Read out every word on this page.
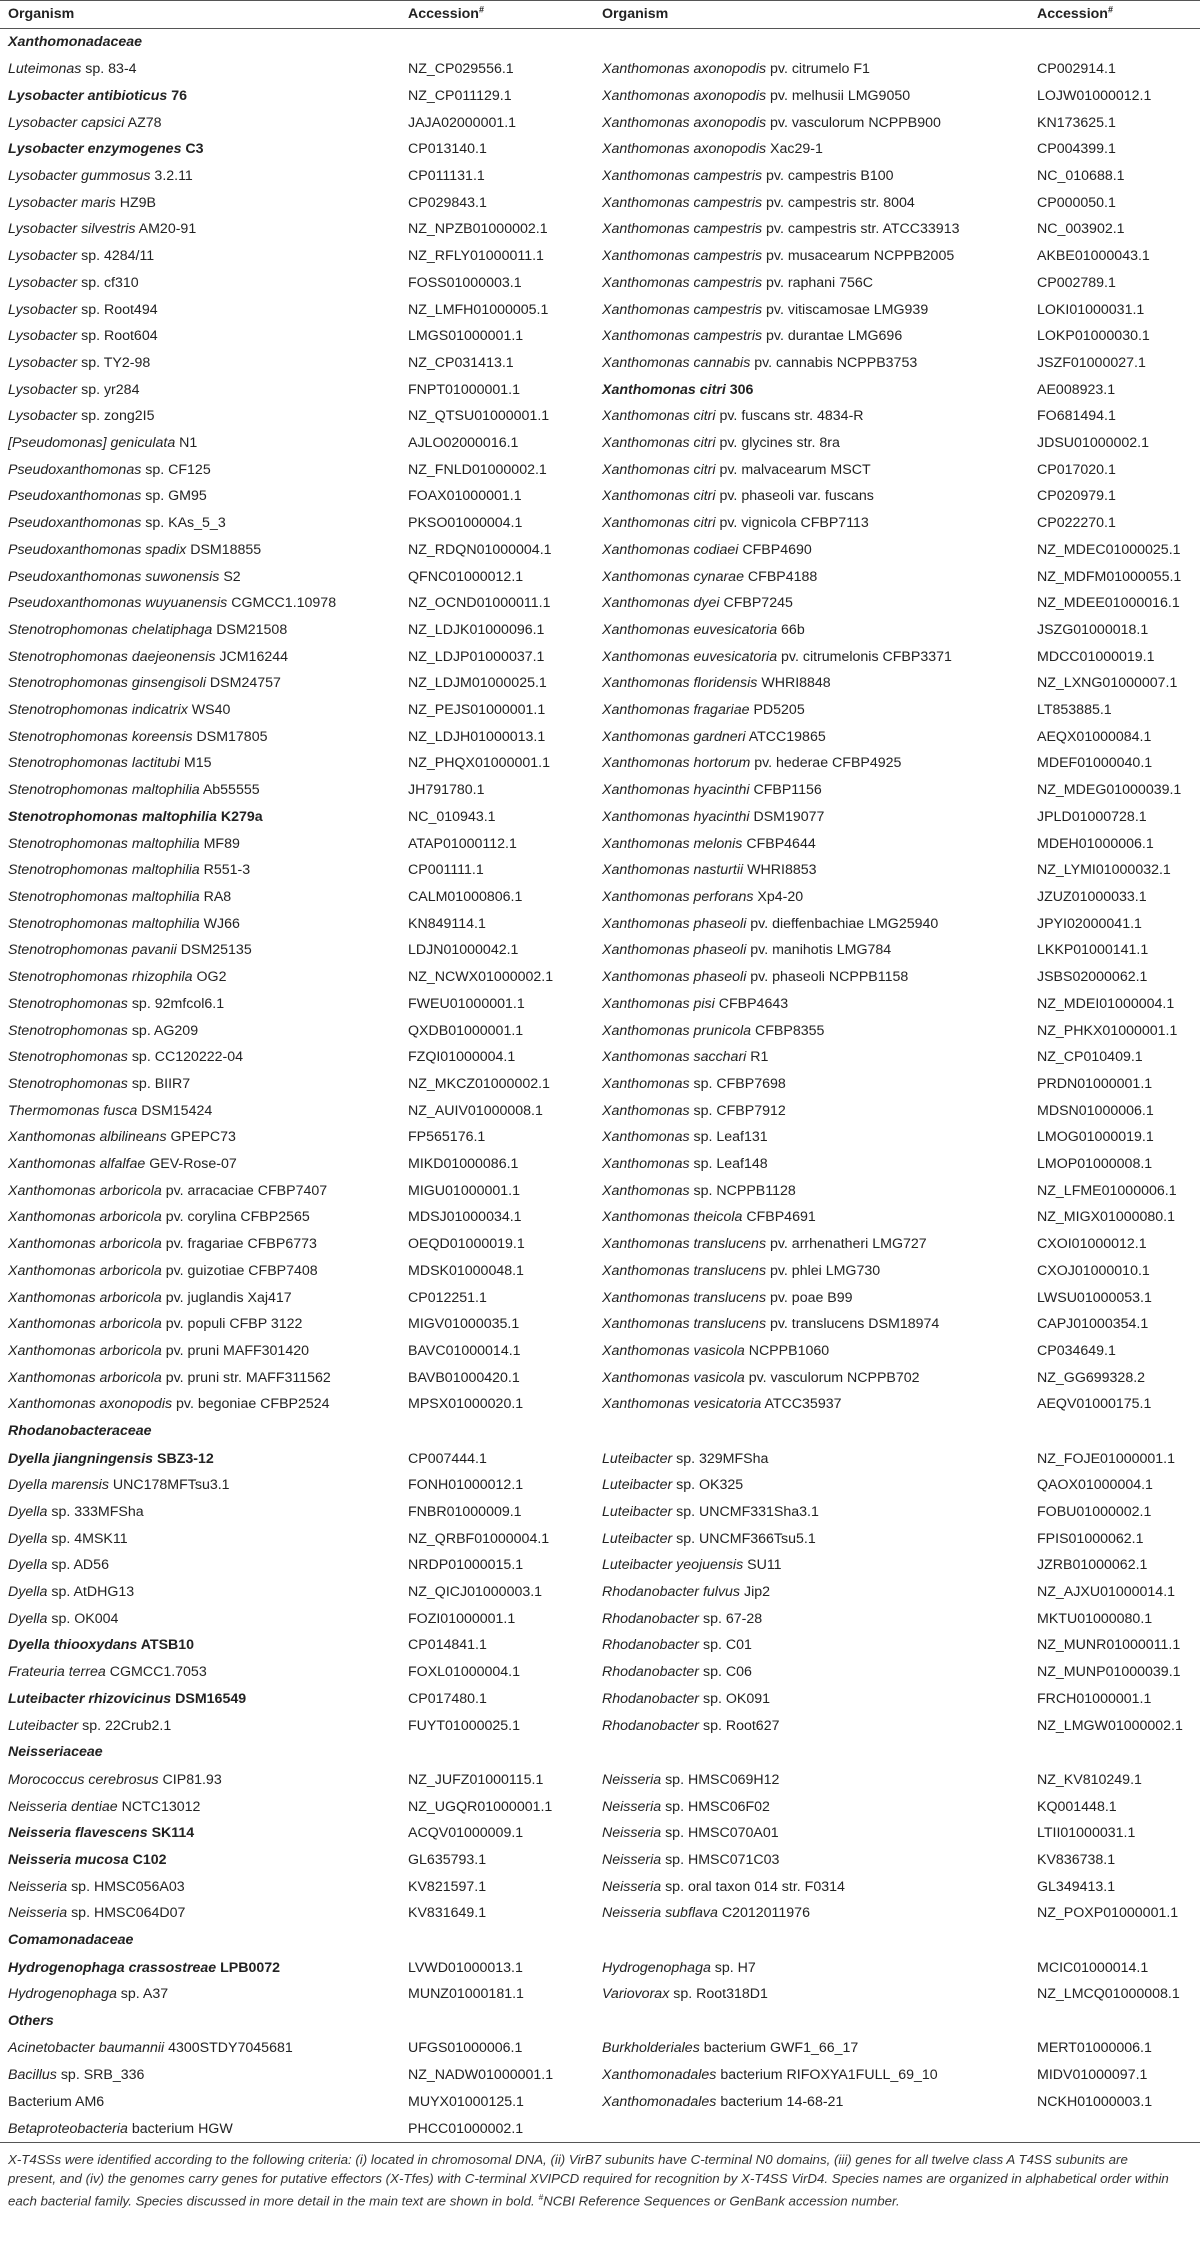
Organism	Accession#	Organism	Accession#
Xanthomonadaceae			
Luteimonas sp. 83-4	NZ_CP029556.1	Xanthomonas axonopodis pv. citrumelo F1	CP002914.1
Lysobacter antibioticus 76	NZ_CP011129.1	Xanthomonas axonopodis pv. melhusii LMG9050	LOJW01000012.1
Lysobacter capsici AZ78	JAJA02000001.1	Xanthomonas axonopodis pv. vasculorum NCPPB900	KN173625.1
Lysobacter enzymogenes C3	CP013140.1	Xanthomonas axonopodis Xac29-1	CP004399.1
Lysobacter gummosus 3.2.11	CP011131.1	Xanthomonas campestris pv. campestris B100	NC_010688.1
Lysobacter maris HZ9B	CP029843.1	Xanthomonas campestris pv. campestris str. 8004	CP000050.1
Lysobacter silvestris AM20-91	NZ_NPZB01000002.1	Xanthomonas campestris pv. campestris str. ATCC33913	NC_003902.1
Lysobacter sp. 4284/11	NZ_RFLY01000011.1	Xanthomonas campestris pv. musacearum NCPPB2005	AKBE01000043.1
Lysobacter sp. cf310	FOSS01000003.1	Xanthomonas campestris pv. raphani 756C	CP002789.1
Lysobacter sp. Root494	NZ_LMFH01000005.1	Xanthomonas campestris pv. vitiscamosae LMG939	LOKI01000031.1
Lysobacter sp. Root604	LMGS01000001.1	Xanthomonas campestris pv. durantae LMG696	LOKP01000030.1
Lysobacter sp. TY2-98	NZ_CP031413.1	Xanthomonas cannabis pv. cannabis NCPPB3753	JSZF01000027.1
Lysobacter sp. yr284	FNPT01000001.1	Xanthomonas citri 306	AE008923.1
Lysobacter sp. zong2I5	NZ_QTSU01000001.1	Xanthomonas citri pv. fuscans str. 4834-R	FO681494.1
[Pseudomonas] geniculata N1	AJLO02000016.1	Xanthomonas citri pv. glycines str. 8ra	JDSU01000002.1
Pseudoxanthomonas sp. CF125	NZ_FNLD01000002.1	Xanthomonas citri pv. malvacearum MSCT	CP017020.1
Pseudoxanthomonas sp. GM95	FOAX01000001.1	Xanthomonas citri pv. phaseoli var. fuscans	CP020979.1
Pseudoxanthomonas sp. KAs_5_3	PKSO01000004.1	Xanthomonas citri pv. vignicola CFBP7113	CP022270.1
Pseudoxanthomonas spadix DSM18855	NZ_RDQN01000004.1	Xanthomonas codiaei CFBP4690	NZ_MDEC01000025.1
Pseudoxanthomonas suwonensis S2	QFNC01000012.1	Xanthomonas cynarae CFBP4188	NZ_MDFM01000055.1
Pseudoxanthomonas wuyuanensis CGMCC1.10978	NZ_OCND01000011.1	Xanthomonas dyei CFBP7245	NZ_MDEE01000016.1
Stenotrophomonas chelatiphaga DSM21508	NZ_LDJK01000096.1	Xanthomonas euvesicatoria 66b	JSZG01000018.1
Stenotrophomonas daejeonensis JCM16244	NZ_LDJP01000037.1	Xanthomonas euvesicatoria pv. citrumelonis CFBP3371	MDCC01000019.1
Stenotrophomonas ginsengisoli DSM24757	NZ_LDJM01000025.1	Xanthomonas floridensis WHRI8848	NZ_LXNG01000007.1
Stenotrophomonas indicatrix WS40	NZ_PEJS01000001.1	Xanthomonas fragariae PD5205	LT853885.1
Stenotrophomonas koreensis DSM17805	NZ_LDJH01000013.1	Xanthomonas gardneri ATCC19865	AEQX01000084.1
Stenotrophomonas lactitubi M15	NZ_PHQX01000001.1	Xanthomonas hortorum pv. hederae CFBP4925	MDEF01000040.1
Stenotrophomonas maltophilia Ab55555	JH791780.1	Xanthomonas hyacinthi CFBP1156	NZ_MDEG01000039.1
Stenotrophomonas maltophilia K279a	NC_010943.1	Xanthomonas hyacinthi DSM19077	JPLD01000728.1
Stenotrophomonas maltophilia MF89	ATAP01000112.1	Xanthomonas melonis CFBP4644	MDEH01000006.1
Stenotrophomonas maltophilia R551-3	CP001111.1	Xanthomonas nasturtii WHRI8853	NZ_LYMI01000032.1
Stenotrophomonas maltophilia RA8	CALM01000806.1	Xanthomonas perforans Xp4-20	JZUZ01000033.1
Stenotrophomonas maltophilia WJ66	KN849114.1	Xanthomonas phaseoli pv. dieffenbachiae LMG25940	JPYI02000041.1
Stenotrophomonas pavanii DSM25135	LDJN01000042.1	Xanthomonas phaseoli pv. manihotis LMG784	LKKP01000141.1
Stenotrophomonas rhizophila OG2	NZ_NCWX01000002.1	Xanthomonas phaseoli pv. phaseoli NCPPB1158	JSBS02000062.1
Stenotrophomonas sp. 92mfcol6.1	FWEU01000001.1	Xanthomonas pisi CFBP4643	NZ_MDEI01000004.1
Stenotrophomonas sp. AG209	QXDB01000001.1	Xanthomonas prunicola CFBP8355	NZ_PHKX01000001.1
Stenotrophomonas sp. CC120222-04	FZQI01000004.1	Xanthomonas sacchari R1	NZ_CP010409.1
Stenotrophomonas sp. BIIR7	NZ_MKCZ01000002.1	Xanthomonas sp. CFBP7698	PRDN01000001.1
Thermomonas fusca DSM15424	NZ_AUIV01000008.1	Xanthomonas sp. CFBP7912	MDSN01000006.1
Xanthomonas albilineans GPEPC73	FP565176.1	Xanthomonas sp. Leaf131	LMOG01000019.1
Xanthomonas alfalfae GEV-Rose-07	MIKD01000086.1	Xanthomonas sp. Leaf148	LMOP01000008.1
Xanthomonas arboricola pv. arracaciae CFBP7407	MIGU01000001.1	Xanthomonas sp. NCPPB1128	NZ_LFME01000006.1
Xanthomonas arboricola pv. corylina CFBP2565	MDSJ01000034.1	Xanthomonas theicola CFBP4691	NZ_MIGX01000080.1
Xanthomonas arboricola pv. fragariae CFBP6773	OEQD01000019.1	Xanthomonas translucens pv. arrhenatheri LMG727	CXOI01000012.1
Xanthomonas arboricola pv. guizotiae CFBP7408	MDSK01000048.1	Xanthomonas translucens pv. phlei LMG730	CXOJ01000010.1
Xanthomonas arboricola pv. juglandis Xaj417	CP012251.1	Xanthomonas translucens pv. poae B99	LWSU01000053.1
Xanthomonas arboricola pv. populi CFBP 3122	MIGV01000035.1	Xanthomonas translucens pv. translucens DSM18974	CAPJ01000354.1
Xanthomonas arboricola pv. pruni MAFF301420	BAVC01000014.1	Xanthomonas vasicola NCPPB1060	CP034649.1
Xanthomonas arboricola pv. pruni str. MAFF311562	BAVB01000420.1	Xanthomonas vasicola pv. vasculorum NCPPB702	NZ_GG699328.2
Xanthomonas axonopodis pv. begoniae CFBP2524	MPSX01000020.1	Xanthomonas vesicatoria ATCC35937	AEQV01000175.1
Rhodanobacteraceae			
Dyella jiangningensis SBZ3-12	CP007444.1	Luteibacter sp. 329MFSha	NZ_FOJE01000001.1
Dyella marensis UNC178MFTsu3.1	FONH01000012.1	Luteibacter sp. OK325	QAOX01000004.1
Dyella sp. 333MFSha	FNBR01000009.1	Luteibacter sp. UNCMF331Sha3.1	FOBU01000002.1
Dyella sp. 4MSK11	NZ_QRBF01000004.1	Luteibacter sp. UNCMF366Tsu5.1	FPIS01000062.1
Dyella sp. AD56	NRDP01000015.1	Luteibacter yeojuensis SU11	JZRB01000062.1
Dyella sp. AtDHG13	NZ_QICJ01000003.1	Rhodanobacter fulvus Jip2	NZ_AJXU01000014.1
Dyella sp. OK004	FOZI01000001.1	Rhodanobacter sp. 67-28	MKTU01000080.1
Dyella thiooxydans ATSB10	CP014841.1	Rhodanobacter sp. C01	NZ_MUNR01000011.1
Frateuria terrea CGMCC1.7053	FOXL01000004.1	Rhodanobacter sp. C06	NZ_MUNP01000039.1
Luteibacter rhizovicinus DSM16549	CP017480.1	Rhodanobacter sp. OK091	FRCH01000001.1
Luteibacter sp. 22Crub2.1	FUYT01000025.1	Rhodanobacter sp. Root627	NZ_LMGW01000002.1
Neisseriaceae			
Morococcus cerebrosus CIP81.93	NZ_JUFZ01000115.1	Neisseria sp. HMSC069H12	NZ_KV810249.1
Neisseria dentiae NCTC13012	NZ_UGQR01000001.1	Neisseria sp. HMSC06F02	KQ001448.1
Neisseria flavescens SK114	ACQV01000009.1	Neisseria sp. HMSC070A01	LTII01000031.1
Neisseria mucosa C102	GL635793.1	Neisseria sp. HMSC071C03	KV836738.1
Neisseria sp. HMSC056A03	KV821597.1	Neisseria sp. oral taxon 014 str. F0314	GL349413.1
Neisseria sp. HMSC064D07	KV831649.1	Neisseria subflava C2012011976	NZ_POXP01000001.1
Comamonadaceae			
Hydrogenophaga crassostreae LPB0072	LVWD01000013.1	Hydrogenophaga sp. H7	MCIC01000014.1
Hydrogenophaga sp. A37	MUNZ01000181.1	Variovorax sp. Root318D1	NZ_LMCQ01000008.1
Others			
Acinetobacter baumannii 4300STDY7045681	UFGS01000006.1	Burkholderiales bacterium GWF1_66_17	MERT01000006.1
Bacillus sp. SRB_336	NZ_NADW01000001.1	Xanthomonadales bacterium RIFOXYA1FULL_69_10	MIDV01000097.1
Bacterium AM6	MUYX01000125.1	Xanthomonadales bacterium 14-68-21	NCKH01000003.1
Betaproteobacteria bacterium HGW	PHCC01000002.1		
X-T4SSs were identified according to the following criteria: (i) located in chromosomal DNA, (ii) VirB7 subunits have C-terminal N0 domains, (iii) genes for all twelve class A T4SS subunits are present, and (iv) the genomes carry genes for putative effectors (X-Tfes) with C-terminal XVIPCD required for recognition by X-T4SS VirD4. Species names are organized in alphabetical order within each bacterial family. Species discussed in more detail in the main text are shown in bold. #NCBI Reference Sequences or GenBank accession number.
